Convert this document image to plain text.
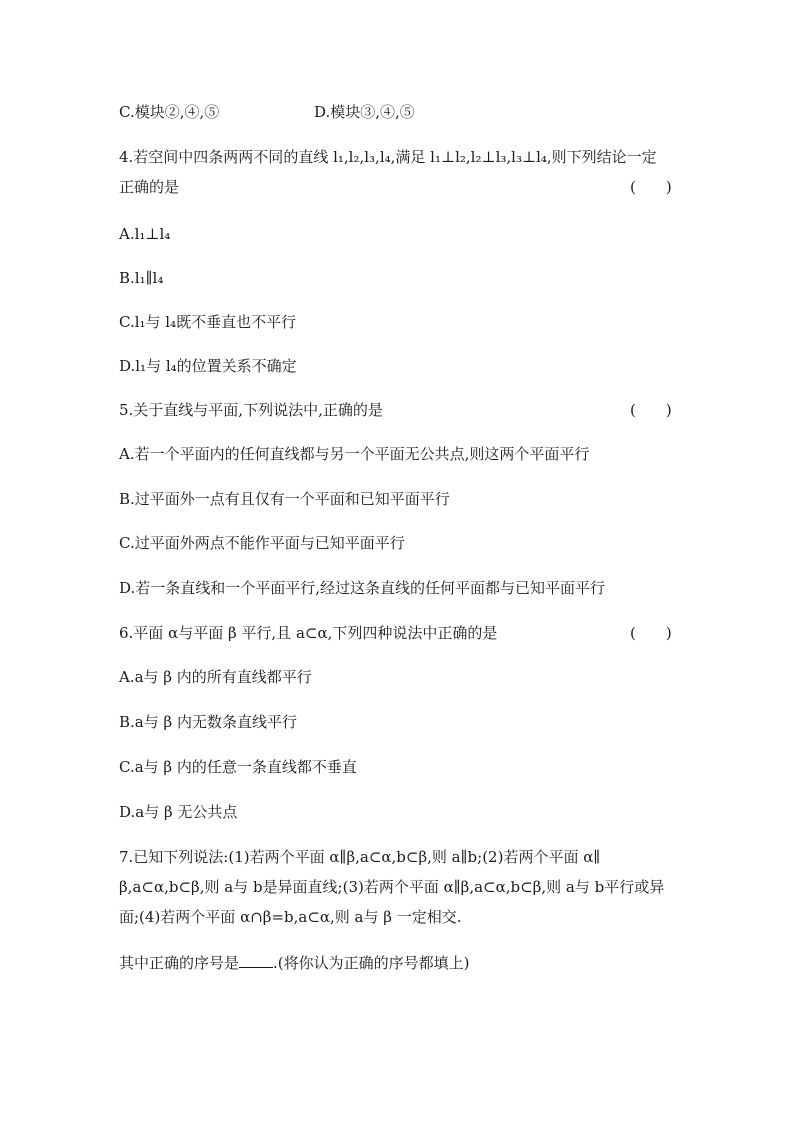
C.模块②,④,⑤	D.模块③,④,⑤
4.若空间中四条两两不同的直线 l₁,l₂,l₃,l₄,满足 l₁⊥l₂,l₂⊥l₃,l₃⊥l₄,则下列结论一定
正确的是	(　　)
A.l₁⊥l₄
B.l₁∥l₄
C.l₁与 l₄既不垂直也不平行
D.l₁与 l₄的位置关系不确定
5.关于直线与平面,下列说法中,正确的是	(　　)
A.若一个平面内的任何直线都与另一个平面无公共点,则这两个平面平行
B.过平面外一点有且仅有一个平面和已知平面平行
C.过平面外两点不能作平面与已知平面平行
D.若一条直线和一个平面平行,经过这条直线的任何平面都与已知平面平行
6.平面 α与平面 β 平行,且 a⊂α,下列四种说法中正确的是	(　　)
A.a与 β 内的所有直线都平行
B.a与 β 内无数条直线平行
C.a与 β 内的任意一条直线都不垂直
D.a与 β 无公共点
7.已知下列说法:(1)若两个平面 α∥β,a⊂α,b⊂β,则 a∥b;(2)若两个平面 α∥
β,a⊂α,b⊂β,则 a与 b是异面直线;(3)若两个平面 α∥β,a⊂α,b⊂β,则 a与 b平行或异
面;(4)若两个平面 α∩β=b,a⊂α,则 a与 β 一定相交.
其中正确的序号是 .(将你认为正确的序号都填上)
